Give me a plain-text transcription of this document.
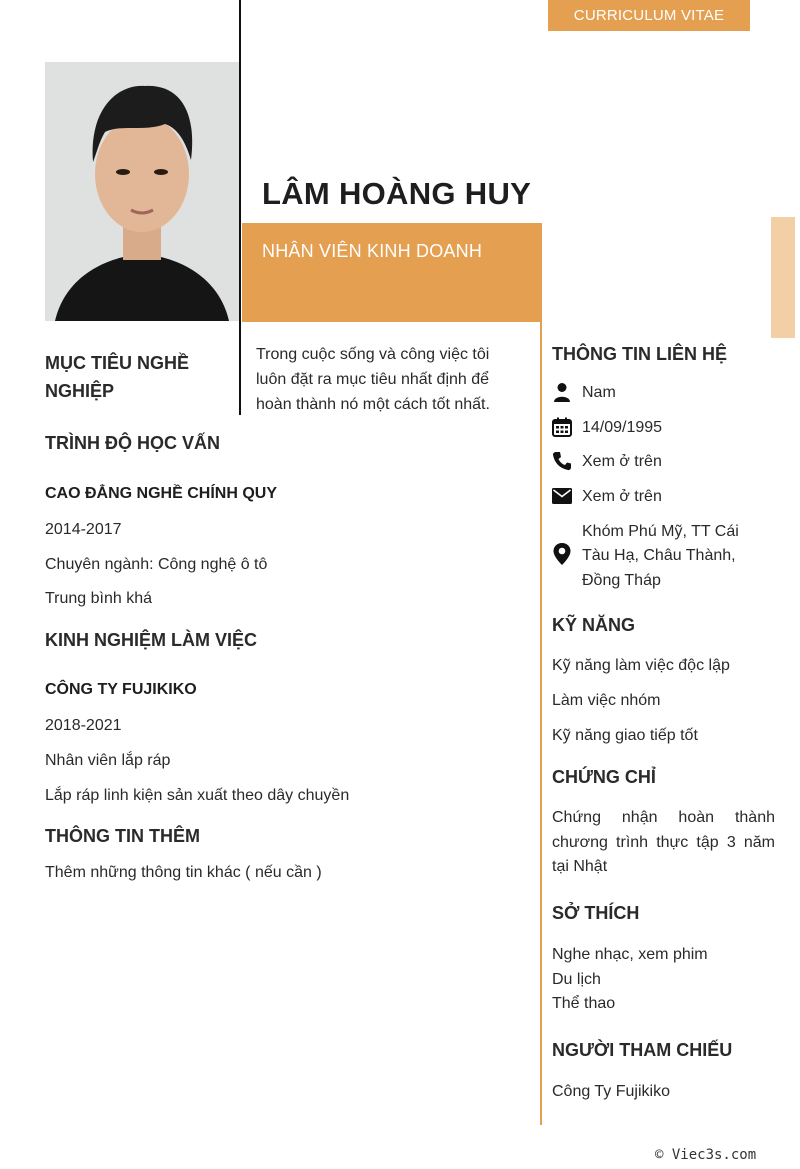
CURRICULUM VITAE
LÂM HOÀNG HUY
NHÂN VIÊN KINH DOANH
MỤC TIÊU NGHỀ NGHIỆP
Trong cuộc sống và công việc tôi luôn đặt ra mục tiêu nhất định để hoàn thành nó một cách tốt nhất.
TRÌNH ĐỘ HỌC VẤN
CAO ĐẲNG NGHỀ CHÍNH QUY
2014-2017
Chuyên ngành: Công nghệ ô tô
Trung bình khá
KINH NGHIỆM LÀM VIỆC
CÔNG TY FUJIKIKO
2018-2021
Nhân viên lắp ráp
Lắp ráp linh kiện sản xuất theo dây chuyền
THÔNG TIN THÊM
Thêm những thông tin khác ( nếu cần )
THÔNG TIN LIÊN HỆ
Nam
14/09/1995
Xem ở trên
Xem ở trên
Khóm Phú Mỹ, TT Cái
Tàu Hạ, Châu Thành,
Đồng Tháp
KỸ NĂNG
Kỹ năng làm việc độc lập
Làm việc nhóm
Kỹ năng giao tiếp tốt
CHỨNG CHỈ
Chứng nhận hoàn thành
chương trình thực tập 3 năm
tại Nhật
SỞ THÍCH
Nghe nhạc, xem phim
Du lịch
Thể thao
NGƯỜI THAM CHIẾU
Công Ty Fujikiko
© Viec3s.com
